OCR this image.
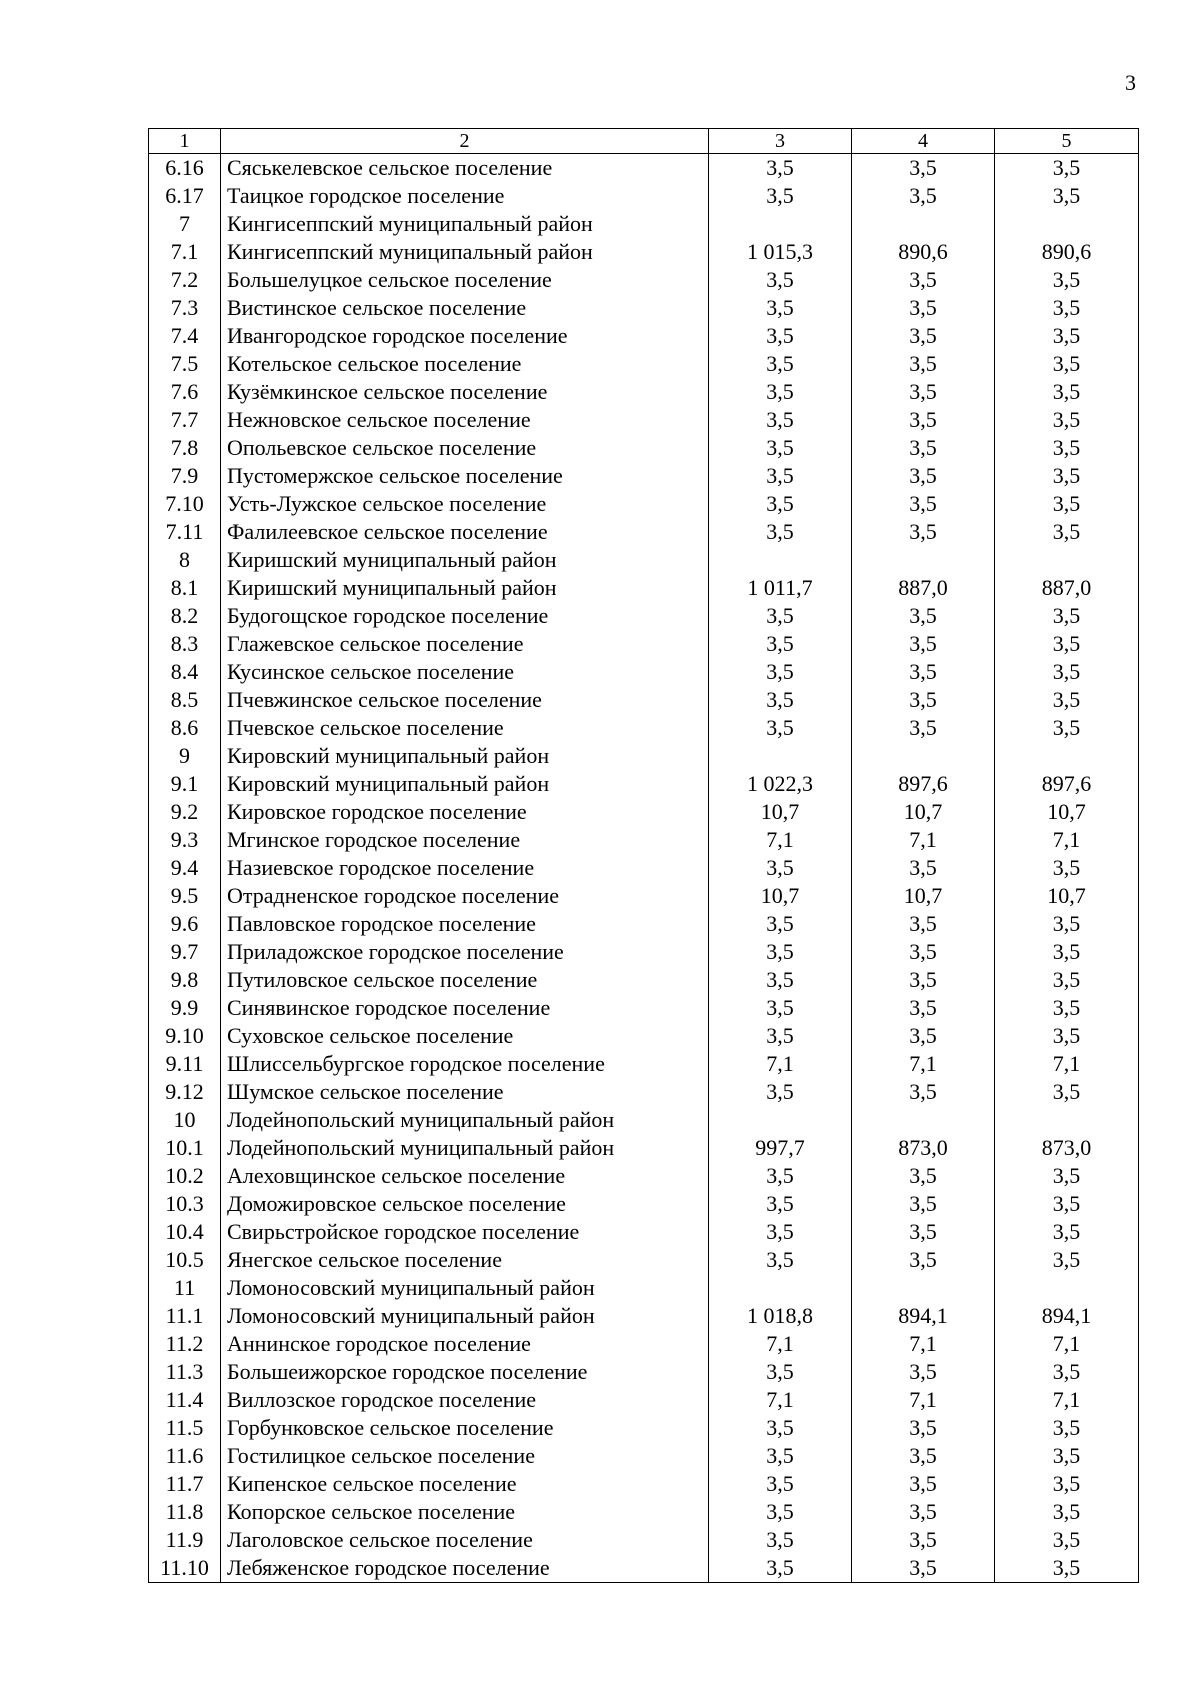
3
1	2	3	4	5
6.16	Сяськелевское сельское поселение	3,5	3,5	3,5
6.17	Таицкое городское поселение	3,5	3,5	3,5
7	Кингисеппский муниципальный район			
7.1	Кингисеппский муниципальный район	1 015,3	890,6	890,6
7.2	Большелуцкое сельское поселение	3,5	3,5	3,5
7.3	Вистинское сельское поселение	3,5	3,5	3,5
7.4	Ивангородское городское поселение	3,5	3,5	3,5
7.5	Котельское сельское поселение	3,5	3,5	3,5
7.6	Кузёмкинское сельское поселение	3,5	3,5	3,5
7.7	Нежновское сельское поселение	3,5	3,5	3,5
7.8	Опольевское сельское поселение	3,5	3,5	3,5
7.9	Пустомержское сельское поселение	3,5	3,5	3,5
7.10	Усть-Лужское сельское поселение	3,5	3,5	3,5
7.11	Фалилеевское сельское поселение	3,5	3,5	3,5
8	Киришский муниципальный район			
8.1	Киришский муниципальный район	1 011,7	887,0	887,0
8.2	Будогощское городское поселение	3,5	3,5	3,5
8.3	Глажевское сельское поселение	3,5	3,5	3,5
8.4	Кусинское сельское поселение	3,5	3,5	3,5
8.5	Пчевжинское сельское поселение	3,5	3,5	3,5
8.6	Пчевское сельское поселение	3,5	3,5	3,5
9	Кировский муниципальный район			
9.1	Кировский муниципальный район	1 022,3	897,6	897,6
9.2	Кировское городское поселение	10,7	10,7	10,7
9.3	Мгинское городское поселение	7,1	7,1	7,1
9.4	Назиевское городское поселение	3,5	3,5	3,5
9.5	Отрадненское городское поселение	10,7	10,7	10,7
9.6	Павловское городское поселение	3,5	3,5	3,5
9.7	Приладожское городское поселение	3,5	3,5	3,5
9.8	Путиловское сельское поселение	3,5	3,5	3,5
9.9	Синявинское городское поселение	3,5	3,5	3,5
9.10	Суховское сельское поселение	3,5	3,5	3,5
9.11	Шлиссельбургское городское поселение	7,1	7,1	7,1
9.12	Шумское сельское поселение	3,5	3,5	3,5
10	Лодейнопольский муниципальный район			
10.1	Лодейнопольский муниципальный район	997,7	873,0	873,0
10.2	Алеховщинское сельское поселение	3,5	3,5	3,5
10.3	Доможировское сельское поселение	3,5	3,5	3,5
10.4	Свирьстройское городское поселение	3,5	3,5	3,5
10.5	Янегское сельское поселение	3,5	3,5	3,5
11	Ломоносовский муниципальный район			
11.1	Ломоносовский муниципальный район	1 018,8	894,1	894,1
11.2	Аннинское городское поселение	7,1	7,1	7,1
11.3	Большеижорское городское поселение	3,5	3,5	3,5
11.4	Виллозское городское поселение	7,1	7,1	7,1
11.5	Горбунковское сельское поселение	3,5	3,5	3,5
11.6	Гостилицкое сельское поселение	3,5	3,5	3,5
11.7	Кипенское сельское поселение	3,5	3,5	3,5
11.8	Копорское сельское поселение	3,5	3,5	3,5
11.9	Лаголовское сельское поселение	3,5	3,5	3,5
11.10	Лебяженское городское поселение	3,5	3,5	3,5
